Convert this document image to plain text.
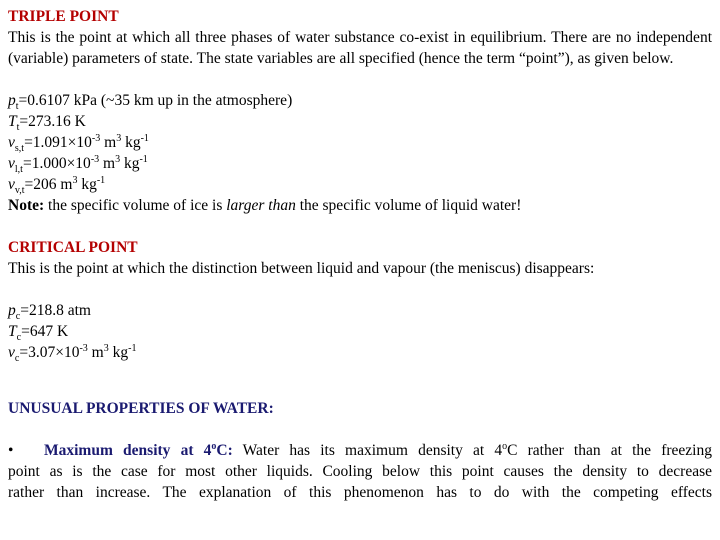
TRIPLE POINT

This is the point at which all three phases of water substance co-exist in equilibrium. There are no independent (variable) parameters of state. The state variables are all specified (hence the term “point”), as given below.

$p_t=0.6107$ kPa (~35 km up in the atmosphere)

$T_t=273.16$ K

$v_{s,t}=1.091\times 10^{-3}$ $m^3$ $kg^{-1}$

$v_{l,t}=1.000\times 10^{-3}$ $m^3$ $kg^{-1}$

$v_{v,t}=206$ $m^3$ $kg^{-1}$

Note: the specific volume of ice is larger than the specific volume of liquid water!

CRITICAL POINT

This is the point at which the distinction between liquid and vapour (the meniscus) disappears:

$p_c=218.8$ atm

$T_c=647$ K

$v_c=3.07\times 10^{-3}$ $m^3$ $kg^{-1}$

UNUSUAL PROPERTIES OF WATER:

• Maximum density at 4$^o$C: Water has its maximum density at 4$^o$C rather than at the freezing

point as is the case for most other liquids. Cooling below this point causes the density to decrease

rather than increase. The explanation of this phenomenon has to do with the competing effects
